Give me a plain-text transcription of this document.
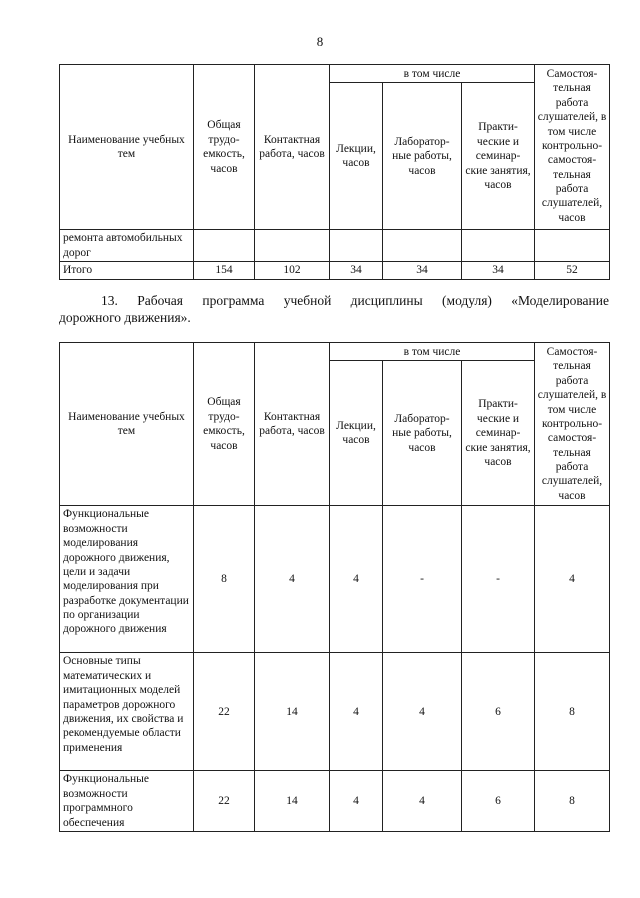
8
Наименование учебных тем	Общая трудо- емкость, часов	Контактная работа, часов	в том числе			Самостоя- тельная работа слушателей, в том числе контрольно- самостоя- тельная работа слушателей, часов
			Лекции, часов	Лаборатор- ные работы, часов	Практи- ческие и семинар- ские занятия, часов	
ремонта автомобильных дорог						
Итого	154	102	34	34	34	52
13. Рабочая программа учебной дисциплины (модуля) «Моделирование
дорожного движения».
Наименование учебных тем	Общая трудо- емкость, часов	Контактная работа, часов	в том числе			Самостоя- тельная работа слушателей, в том числе контрольно- самостоя- тельная работа слушателей, часов
			Лекции, часов	Лаборатор- ные работы, часов	Практи- ческие и семинар- ские занятия, часов	
Функциональные возможности моделирования дорожного движения, цели и задачи моделирования при разработке документации по организации дорожного движения	8	4	4	-	-	4
Основные типы математических и имитационных моделей параметров дорожного движения, их свойства и рекомендуемые области применения	22	14	4	4	6	8
Функциональные возможности программного обеспечения	22	14	4	4	6	8
